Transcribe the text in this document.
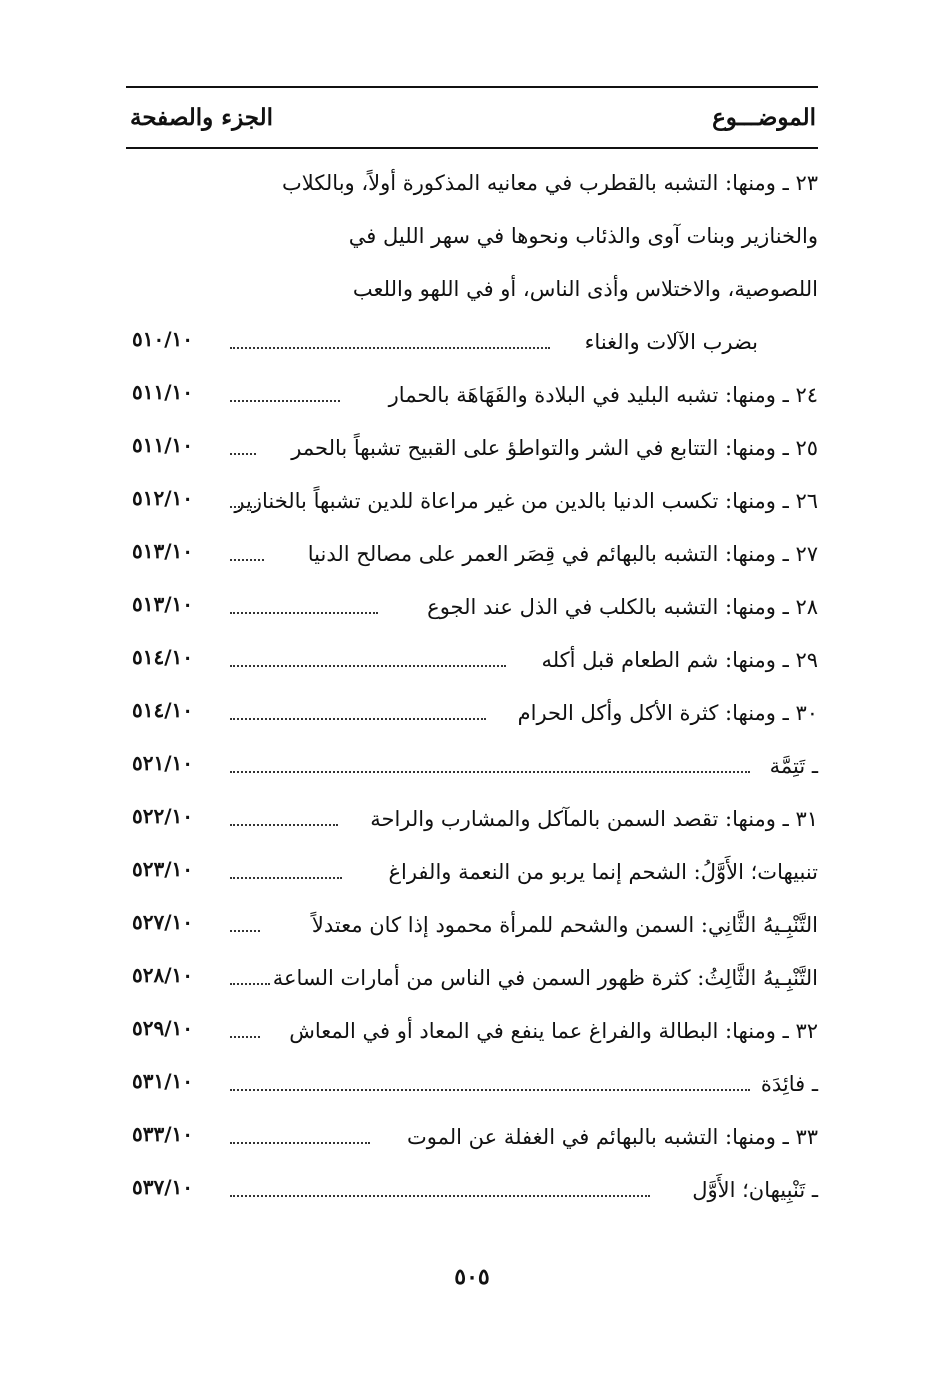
الموضـــوع
الجزء والصفحة
٢٣ ـ ومنها: التشبه بالقطرب في معانيه المذكورة أولاً، وبالكلاب
والخنازير وبنات آوى والذئاب ونحوها في سهر الليل في
اللصوصية، والاختلاس وأذى الناس، أو في اللهو واللعب
بضرب الآلات والغناء
٥١٠/١٠
٢٤ ـ ومنها: تشبه البليد في البلادة والفَهَاهَة بالحمار
٥١١/١٠
٢٥ ـ ومنها: التتابع في الشر والتواطؤ على القبيح تشبهاً بالحمر
٥١١/١٠
٢٦ ـ ومنها: تكسب الدنيا بالدين من غير مراعاة للدين تشبهاً بالخنازير
٥١٢/١٠
٢٧ ـ ومنها: التشبه بالبهائم في قِصَر العمر على مصالح الدنيا
٥١٣/١٠
٢٨ ـ ومنها: التشبه بالكلب في الذل عند الجوع
٥١٣/١٠
٢٩ ـ ومنها: شم الطعام قبل أكله
٥١٤/١٠
٣٠ ـ ومنها: كثرة الأكل وأكل الحرام
٥١٤/١٠
ـ تَتِمَّة
٥٢١/١٠
٣١ ـ ومنها: تقصد السمن بالمآكل والمشارب والراحة
٥٢٢/١٠
تنبيهات؛ الأَوَّلُ: الشحم إنما يربو من النعمة والفراغ
٥٢٣/١٠
التَّنْبِـيهُ الثَّانِي: السمن والشحم للمرأة محمود إذا كان معتدلاً
٥٢٧/١٠
التَّنْبِـيهُ الثَّالِثُ: كثرة ظهور السمن في الناس من أمارات الساعة
٥٢٨/١٠
٣٢ ـ ومنها: البطالة والفراغ عما ينفع في المعاد أو في المعاش
٥٢٩/١٠
ـ فائِدَة
٥٣١/١٠
٣٣ ـ ومنها: التشبه بالبهائم في الغفلة عن الموت
٥٣٣/١٠
ـ تَنْبِيهان؛ الأَوَّل
٥٣٧/١٠
٥٠٥
